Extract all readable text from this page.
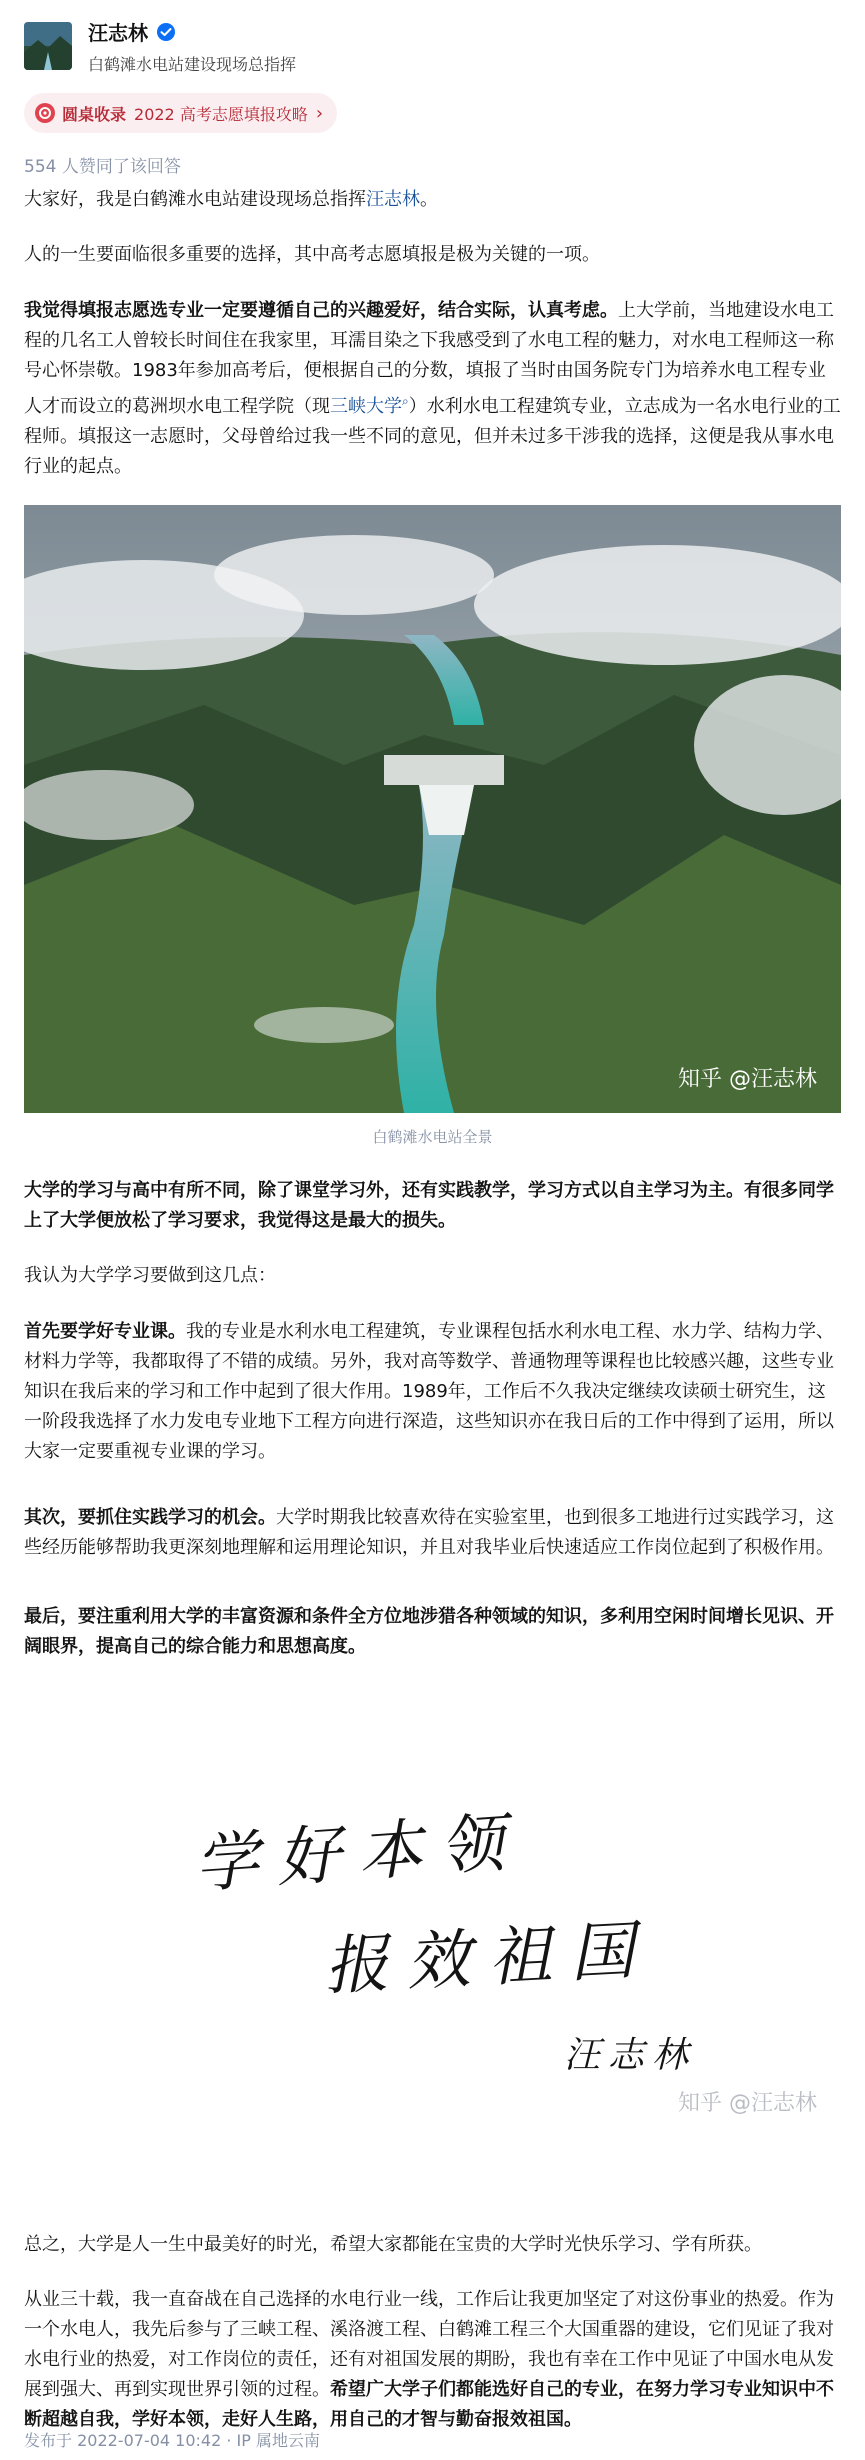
汪志林
白鹤滩水电站建设现场总指挥
圆桌收录 2022 高考志愿填报攻略 ›
554 人赞同了该回答

大家好，我是白鹤滩水电站建设现场总指挥汪志林。

人的一生要面临很多重要的选择，其中高考志愿填报是极为关键的一项。

我觉得填报志愿选专业一定要遵循自己的兴趣爱好，结合实际，认真考虑。上大学前，当地建设水电工程的几名工人曾较长时间住在我家里，耳濡目染之下我感受到了水电工程的魅力，对水电工程师这一称号心怀崇敬。1983年参加高考后，便根据自己的分数，填报了当时由国务院专门为培养水电工程专业人才而设立的葛洲坝水电工程学院（现三峡大学⌕）水利水电工程建筑专业，立志成为一名水电行业的工程师。填报这一志愿时，父母曾给过我一些不同的意见，但并未过多干涉我的选择，这便是我从事水电行业的起点。

知乎 @汪志林
白鹤滩水电站全景

大学的学习与高中有所不同，除了课堂学习外，还有实践教学，学习方式以自主学习为主。有很多同学上了大学便放松了学习要求，我觉得这是最大的损失。

我认为大学学习要做到这几点：

首先要学好专业课。我的专业是水利水电工程建筑，专业课程包括水利水电工程、水力学、结构力学、材料力学等，我都取得了不错的成绩。另外，我对高等数学、普通物理等课程也比较感兴趣，这些专业知识在我后来的学习和工作中起到了很大作用。1989年，工作后不久我决定继续攻读硕士研究生，这一阶段我选择了水力发电专业地下工程方向进行深造，这些知识亦在我日后的工作中得到了运用，所以大家一定要重视专业课的学习。

其次，要抓住实践学习的机会。大学时期我比较喜欢待在实验室里，也到很多工地进行过实践学习，这些经历能够帮助我更深刻地理解和运用理论知识，并且对我毕业后快速适应工作岗位起到了积极作用。

最后，要注重利用大学的丰富资源和条件全方位地涉猎各种领域的知识，多利用空闲时间增长见识、开阔眼界，提高自己的综合能力和思想高度。

学好本领
报效祖国
汪志林
知乎 @汪志林

总之，大学是人一生中最美好的时光，希望大家都能在宝贵的大学时光快乐学习、学有所获。

从业三十载，我一直奋战在自己选择的水电行业一线，工作后让我更加坚定了对这份事业的热爱。作为一个水电人，我先后参与了三峡工程、溪洛渡工程、白鹤滩工程三个大国重器的建设，它们见证了我对水电行业的热爱，对工作岗位的责任，还有对祖国发展的期盼，我也有幸在工作中见证了中国水电从发展到强大、再到实现世界引领的过程。希望广大学子们都能选好自己的专业，在努力学习专业知识中不断超越自我，学好本领，走好人生路，用自己的才智与勤奋报效祖国。

发布于 2022-07-04 10:42 · IP 属地云南
